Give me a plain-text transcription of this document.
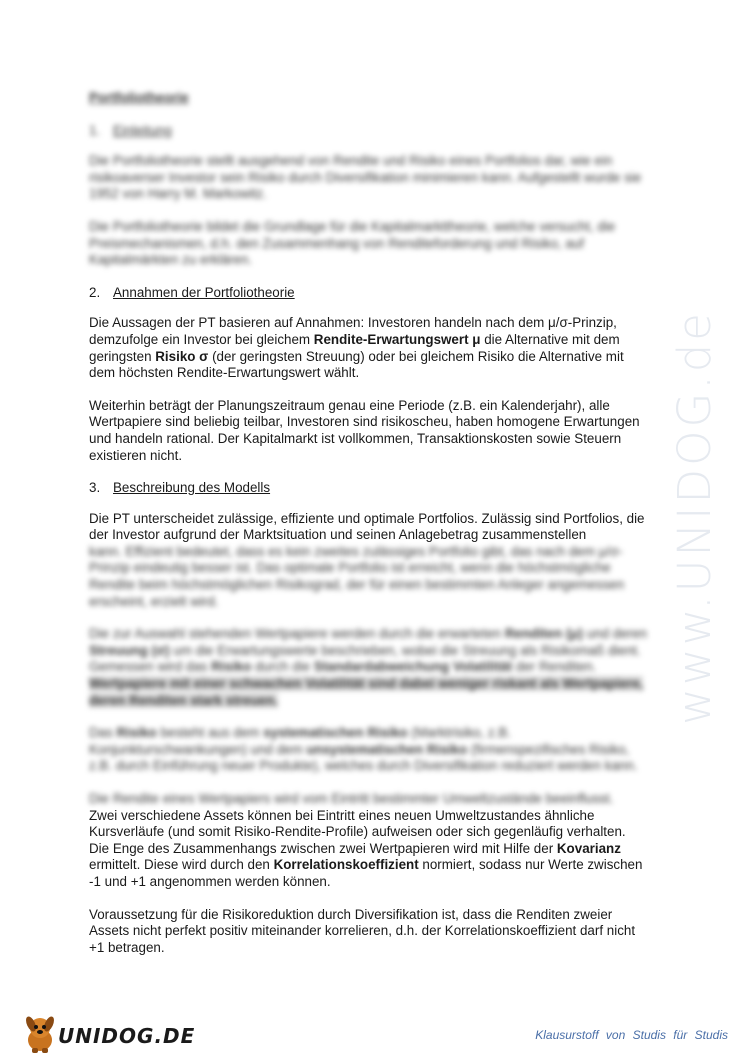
www.UNIDOG.de
Portfoliotheorie
1. Einleitung

Die Portfoliotheorie stellt ausgehend von Rendite und Risiko eines Portfolios dar, wie ein risikoaverser Investor sein Risiko durch Diversifikation minimieren kann. Aufgestellt wurde sie 1952 von Harry M. Markowitz.

Die Portfoliotheorie bildet die Grundlage für die Kapitalmarkttheorie, welche versucht, die Preismechanismen, d.h. den Zusammenhang von Renditeforderung und Risiko, auf Kapitalmärkten zu erklären.

2. Annahmen der Portfoliotheorie

Die Aussagen der PT basieren auf Annahmen: Investoren handeln nach dem μ/σ-Prinzip, demzufolge ein Investor bei gleichem Rendite-Erwartungswert μ die Alternative mit dem geringsten Risiko σ (der geringsten Streuung) oder bei gleichem Risiko die Alternative mit dem höchsten Rendite-Erwartungswert wählt.

Weiterhin beträgt der Planungszeitraum genau eine Periode (z.B. ein Kalenderjahr), alle Wertpapiere sind beliebig teilbar, Investoren sind risikoscheu, haben homogene Erwartungen und handeln rational. Der Kapitalmarkt ist vollkommen, Transaktionskosten sowie Steuern existieren nicht.

3. Beschreibung des Modells

Die PT unterscheidet zulässige, effiziente und optimale Portfolios. Zulässig sind Portfolios, die der Investor aufgrund der Marktsituation und seinen Anlagebetrag zusammenstellen

kann. Effizient bedeutet, dass es kein zweites zulässiges Portfolio gibt, das nach dem μ/σ-Prinzip eindeutig besser ist. Das optimale Portfolio ist erreicht, wenn die höchstmögliche Rendite beim höchstmöglichen Risikograd, der für einen bestimmten Anleger angemessen erscheint, erzielt wird.

Die zur Auswahl stehenden Wertpapiere werden durch die erwarteten Renditen (μ) und deren Streuung (σ) um die Erwartungswerte beschrieben, wobei die Streuung als Risikomaß dient. Gemessen wird das Risiko durch die Standardabweichung Volatilität der Renditen. Wertpapiere mit einer schwachen Volatilität sind dabei weniger riskant als Wertpapiere, deren Renditen stark streuen.

Das Risiko besteht aus dem systematischen Risiko (Marktrisiko, z.B. Konjunkturschwankungen) und dem unsystematischen Risiko (firmenspezifisches Risiko, z.B. durch Einführung neuer Produkte), welches durch Diversifikation reduziert werden kann.

Die Rendite eines Wertpapiers wird vom Eintritt bestimmter Umweltzustände beeinflusst.
Zwei verschiedene Assets können bei Eintritt eines neuen Umweltzustandes ähnliche Kursverläufe (und somit Risiko-Rendite-Profile) aufweisen oder sich gegenläufig verhalten. Die Enge des Zusammenhangs zwischen zwei Wertpapieren wird mit Hilfe der Kovarianz ermittelt. Diese wird durch den Korrelationskoeffizient normiert, sodass nur Werte zwischen -1 und +1 angenommen werden können.

Voraussetzung für die Risikoreduktion durch Diversifikation ist, dass die Renditen zweier Assets nicht perfekt positiv miteinander korrelieren, d.h. der Korrelationskoeffizient darf nicht +1 betragen.

UNIDOG.DE	Klausurstoff von Studis für Studis
